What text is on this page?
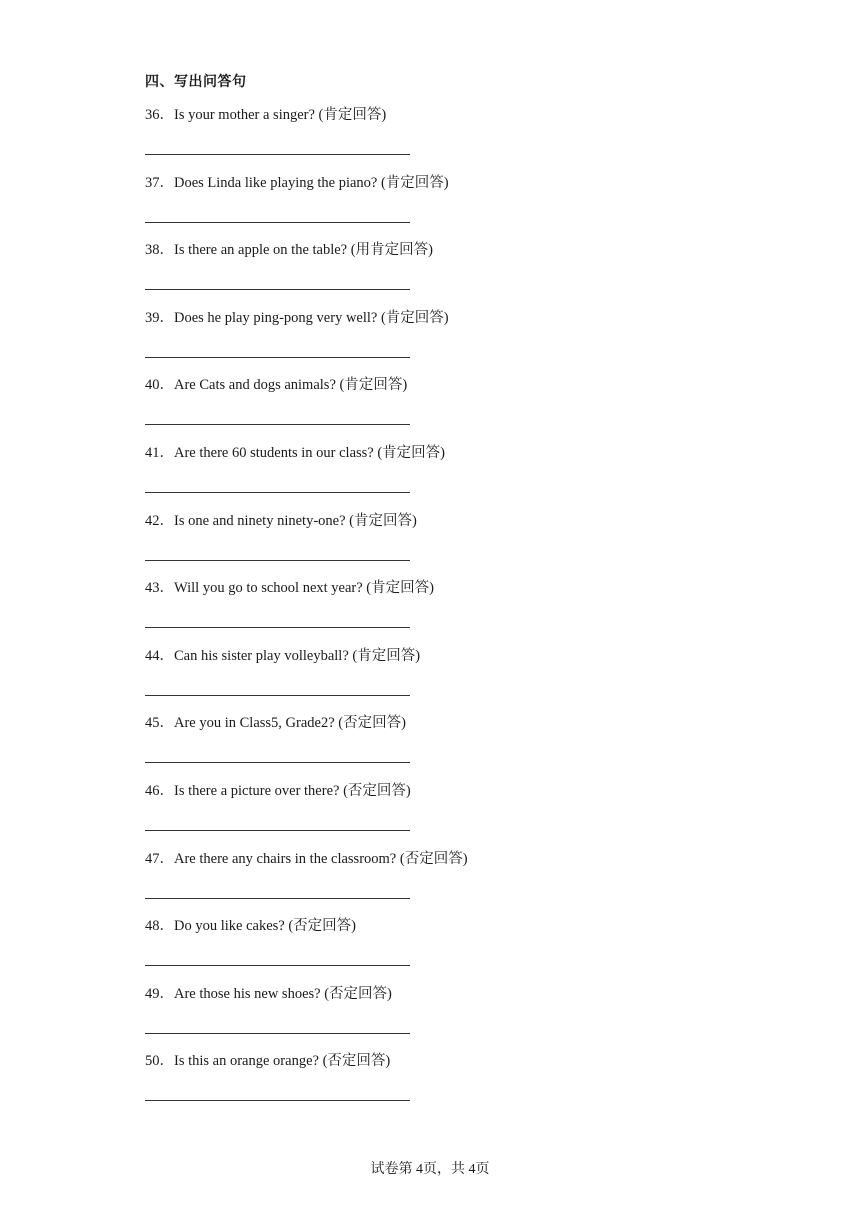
四、写出问答句
36．Is your mother a singer? (肯定回答)
37．Does Linda like playing the piano? (肯定回答)
38．Is there an apple on the table? (用肯定回答)
39．Does he play ping-pong very well? (肯定回答)
40．Are Cats and dogs animals? (肯定回答)
41．Are there 60 students in our class? (肯定回答)
42．Is one and ninety ninety-one? (肯定回答)
43．Will you go to school next year? (肯定回答)
44．Can his sister play volleyball? (肯定回答)
45．Are you in Class5, Grade2? (否定回答)
46．Is there a picture over there? (否定回答)
47．Are there any chairs in the classroom? (否定回答)
48．Do you like cakes? (否定回答)
49．Are those his new shoes? (否定回答)
50．Is this an orange orange? (否定回答)
试卷第 4页，共 4页
